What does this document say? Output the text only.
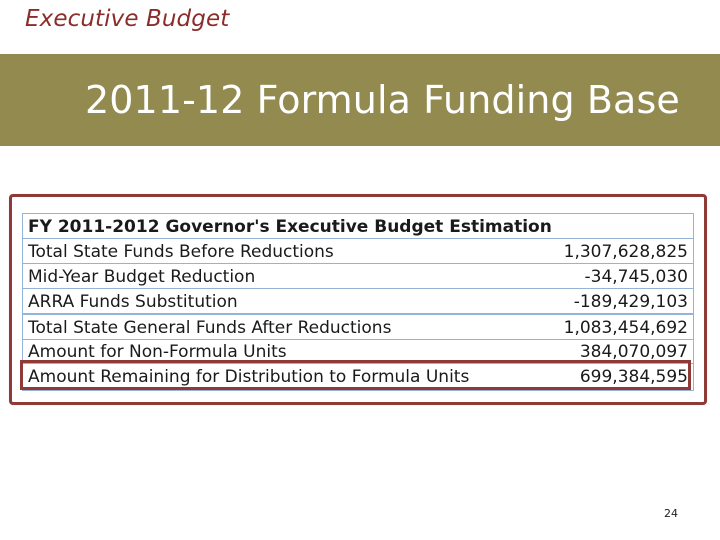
Executive Budget
2011-12 Formula Funding Base
FY 2011-2012 Governor's Executive Budget Estimation
Total State Funds Before Reductions	1,307,628,825
Mid-Year Budget Reduction	-34,745,030
ARRA Funds Substitution	-189,429,103
Total State General Funds After Reductions	1,083,454,692
Amount for Non-Formula Units	384,070,097
Amount Remaining for Distribution to Formula Units	699,384,595
24
